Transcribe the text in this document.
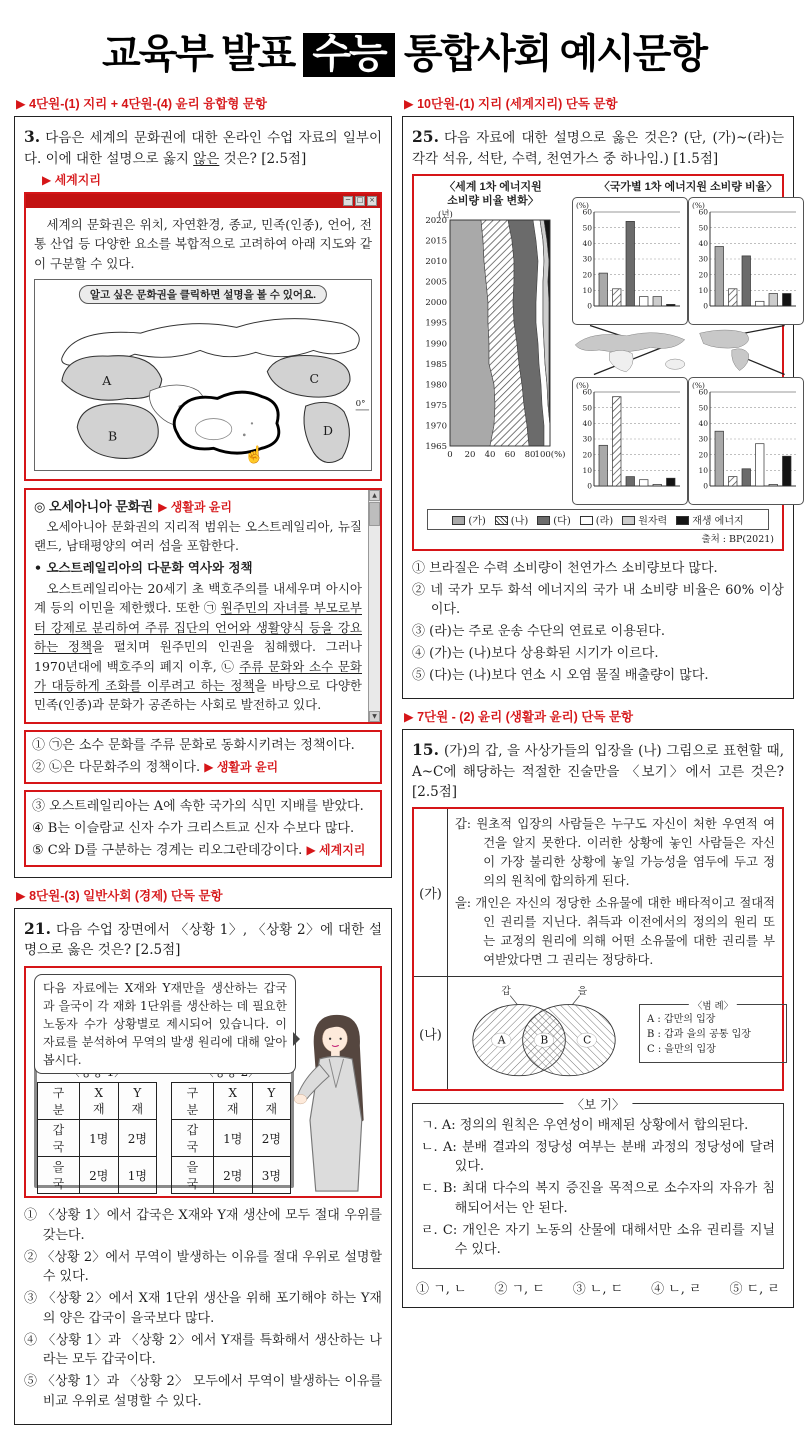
교육부 발표 수능 통합사회 예시문항
▶ 4단원-(1) 지리 + 4단원-(4) 윤리 융합형 문항

3. 다음은 세계의 문화권에 대한 온라인 수업 자료의 일부이다. 이에 대한 설명으로 옳지 않은 것은? [2.5점]

▶ 세계지리
─ □ ×

세계의 문화권은 위치, 자연환경, 종교, 민족(인종), 언어, 전통 산업 등 다양한 요소를 복합적으로 고려하여 아래 지도와 같이 구분할 수 있다.

알고 싶은 문화권을 클릭하면 설명을 볼 수 있어요.
0°
A
B
C
D
☝
▲
▼
◎ 오세아니아 문화권 ▶ 생활과 윤리

오세아니아 문화권의 지리적 범위는 오스트레일리아, 뉴질랜드, 남태평양의 여러 섬을 포함한다.

• 오스트레일리아의 다문화 역사와 정책

오스트레일리아는 20세기 초 백호주의를 내세우며 아시아계 등의 이민을 제한했다. 또한 ㉠ 원주민의 자녀를 부모로부터 강제로 분리하여 주류 집단의 언어와 생활양식 등을 강요하는 정책을 펼치며 원주민의 인권을 침해했다. 그러나 1970년대에 백호주의 폐지 이후, ㉡ 주류 문화와 소수 문화가 대등하게 조화를 이루려고 하는 정책을 바탕으로 다양한 민족(인종)과 문화가 공존하는 사회로 발전하고 있다.

① ㉠은 소수 문화를 주류 문화로 동화시키려는 정책이다.
② ㉡은 다문화주의 정책이다. ▶ 생활과 윤리
③ 오스트레일리아는 A에 속한 국가의 식민 지배를 받았다.
④ B는 이슬람교 신자 수가 크리스트교 신자 수보다 많다.
⑤ C와 D를 구분하는 경계는 리오그란데강이다. ▶ 세계지리
▶ 8단원-(3) 일반사회 (경제) 단독 문항

21. 다음 수업 장면에서 〈상황 1〉, 〈상황 2〉에 대한 설명으로 옳은 것은? [2.5점]

다음 자료에는 X재와 Y재만을 생산하는 갑국과 을국이 각 재화 1단위를 생산하는 데 필요한 노동자 수가 상황별로 제시되어 있습니다. 이 자료를 분석하여 무역의 발생 원리에 대해 알아봅시다.
구분	X재	Y재
갑국	1명	2명
을국	2명	1명
구분	X재	Y재
갑국	1명	2명
을국	2명	3명
① 〈상황 1〉에서 갑국은 X재와 Y재 생산에 모두 절대 우위를 갖는다.
② 〈상황 2〉에서 무역이 발생하는 이유를 절대 우위로 설명할 수 있다.
③ 〈상황 2〉에서 X재 1단위 생산을 위해 포기해야 하는 Y재의 양은 갑국이 을국보다 많다.
④ 〈상황 1〉과 〈상황 2〉에서 Y재를 특화해서 생산하는 나라는 모두 갑국이다.
⑤ 〈상황 1〉과 〈상황 2〉 모두에서 무역이 발생하는 이유를 비교 우위로 설명할 수 있다.
▶ 10단원-(1) 지리 (세계지리) 단독 문항

25. 다음 자료에 대한 설명으로 옳은 것은? (단, (가)~(라)는 각각 석유, 석탄, 수력, 천연가스 중 하나임.) [1.5점]

〈세계 1차 에너지원
소비량 비율 변화〉
(년)
1965
1970
1975
1980
1985
1990
1995
2000
2005
2010
2015
2020
0 20 40 60 80 100(%)
〈국가별 1차 에너지원 소비량 비율〉
(%)
0
10
20
30
40
50
60
(%)
0
10
20
30
40
50
60
(%)
0
10
20
30
40
50
60
(%)
0
10
20
30
40
50
60
(가)	(나)	(다)	(라)	원자력	재생 에너지
출처 : BP(2021)
① 브라질은 수력 소비량이 천연가스 소비량보다 많다.
② 네 국가 모두 화석 에너지의 국가 내 소비량 비율은 60% 이상이다.
③ (라)는 주로 운송 수단의 연료로 이용된다.
④ (가)는 (나)보다 상용화된 시기가 이르다.
⑤ (다)는 (나)보다 연소 시 오염 물질 배출량이 많다.
▶ 7단원 - (2) 윤리 (생활과 윤리) 단독 문항

15. (가)의 갑, 을 사상가들의 입장을 (나) 그림으로 표현할 때, A~C에 해당하는 적절한 진술만을 〈보기〉에서 고른 것은? [2.5점]

(가)

갑: 원초적 입장의 사람들은 누구도 자신이 처한 우연적 여건을 알지 못한다. 이러한 상황에 놓인 사람들은 자신이 가장 불리한 상황에 놓일 가능성을 염두에 두고 정의의 원칙에 합의하게 된다.

을: 개인은 자신의 정당한 소유물에 대한 배타적이고 절대적인 권리를 지닌다. 취득과 이전에서의 정의의 원리 또는 교정의 원리에 의해 어떤 소유물에 대한 권리를 부여받았다면 그 권리는 정당하다.

(나)	A	B	C
갑	을
〈범 례〉
A : 갑만의 입장
B : 갑과 을의 공통 입장
C : 을만의 입장
〈보 기〉
ㄱ. A: 정의의 원칙은 우연성이 배제된 상황에서 합의된다.
ㄴ. A: 분배 결과의 정당성 여부는 분배 과정의 정당성에 달려 있다.
ㄷ. B: 최대 다수의 복지 증진을 목적으로 소수자의 자유가 침해되어서는 안 된다.
ㄹ. C: 개인은 자기 노동의 산물에 대해서만 소유 권리를 지닐 수 있다.
① ㄱ, ㄴ ② ㄱ, ㄷ ③ ㄴ, ㄷ ④ ㄴ, ㄹ ⑤ ㄷ, ㄹ
